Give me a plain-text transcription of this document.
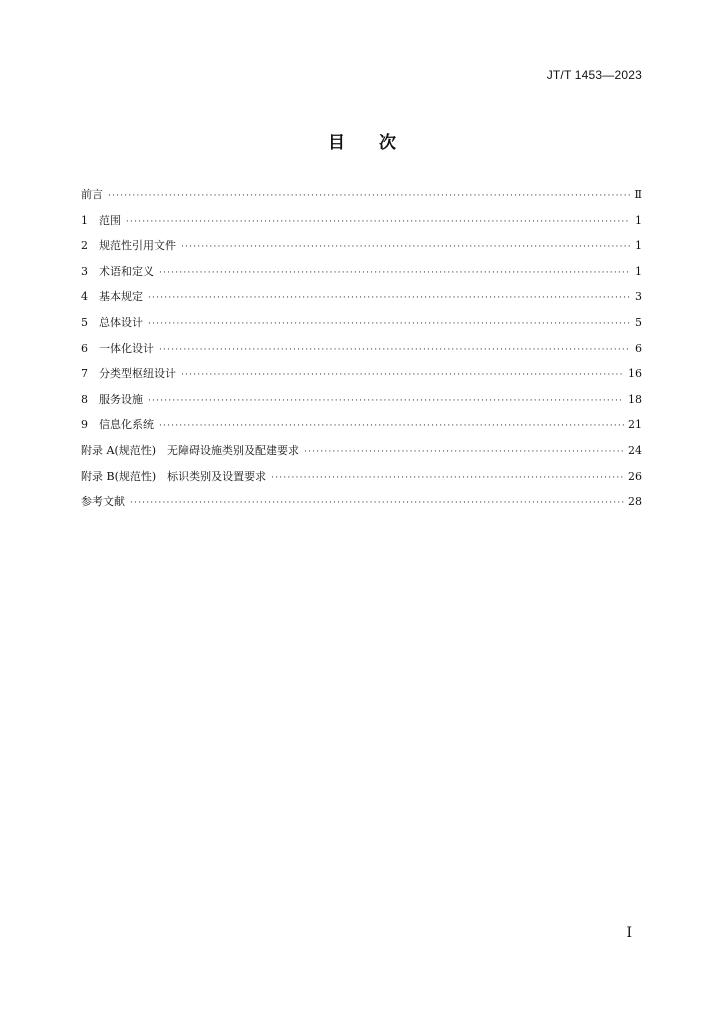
JT/T 1453—2023
目次
前言 ·····	Ⅱ
1　范围 ·····	1
2　规范性引用文件 ·····	1
3　术语和定义 ·····	1
4　基本规定 ·····	3
5　总体设计 ·····	5
6　一体化设计 ·····	6
7　分类型枢纽设计 ·····	16
8　服务设施 ·····	18
9　信息化系统 ·····	21
附录 A(规范性)　无障碍设施类别及配建要求 ·····	24
附录 B(规范性)　标识类别及设置要求 ·····	26
参考文献 ·····	28
I
